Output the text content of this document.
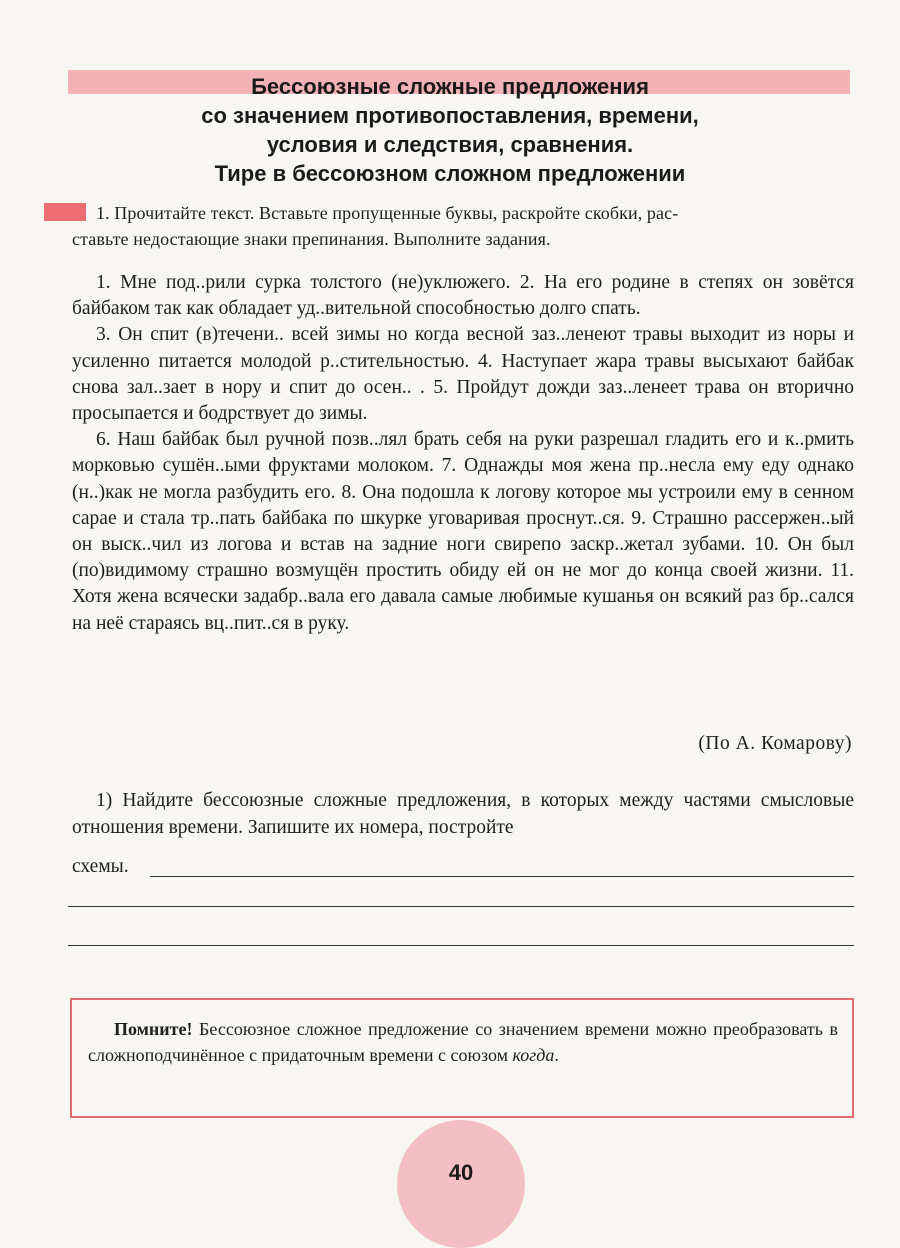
Бессоюзные сложные предложения
со значением противопоставления, времени,
условия и следствия, сравнения.
Тире в бессоюзном сложном предложении

1. Прочитайте текст. Вставьте пропущенные буквы, раскройте скобки, рас-

ставьте недостающие знаки препинания. Выполните задания.

1. Мне под..рили сурка толстого (не)уклюжего. 2. На его родине в степях он зовётся байбаком так как обладает уд..вительной способностью долго спать.

3. Он спит (в)течени.. всей зимы но когда весной заз..ленеют травы выходит из норы и усиленно питается молодой р..стительностью. 4. Наступает жара травы высыхают байбак снова зал..зает в нору и спит до осен.. . 5. Пройдут дожди заз..ленеет трава он вторично просыпается и бодрствует до зимы.

6. Наш байбак был ручной позв..лял брать себя на руки разрешал гладить его и к..рмить морковью сушён..ыми фруктами молоком. 7. Однажды моя жена пр..несла ему еду однако (н..)как не могла разбудить его. 8. Она подошла к логову которое мы устроили ему в сенном сарае и стала тр..пать байбака по шкурке уговаривая проснут..ся. 9. Страшно рассержен..ый он выск..чил из логова и встав на задние ноги свирепо заскр..жетал зубами. 10. Он был (по)видимому страшно возмущён простить обиду ей он не мог до конца своей жизни. 11. Хотя жена всячески задабр..вала его давала самые любимые кушанья он всякий раз бр..сался на неё стараясь вц..пит..ся в руку.

(По А. Комарову)

1) Найдите бессоюзные сложные предложения, в которых между частями смысловые отношения времени. Запишите их номера, постройте

схемы.

Помните! Бессоюзное сложное предложение со значением времени можно преобразовать в сложноподчинённое с придаточным времени с союзом когда.

40
